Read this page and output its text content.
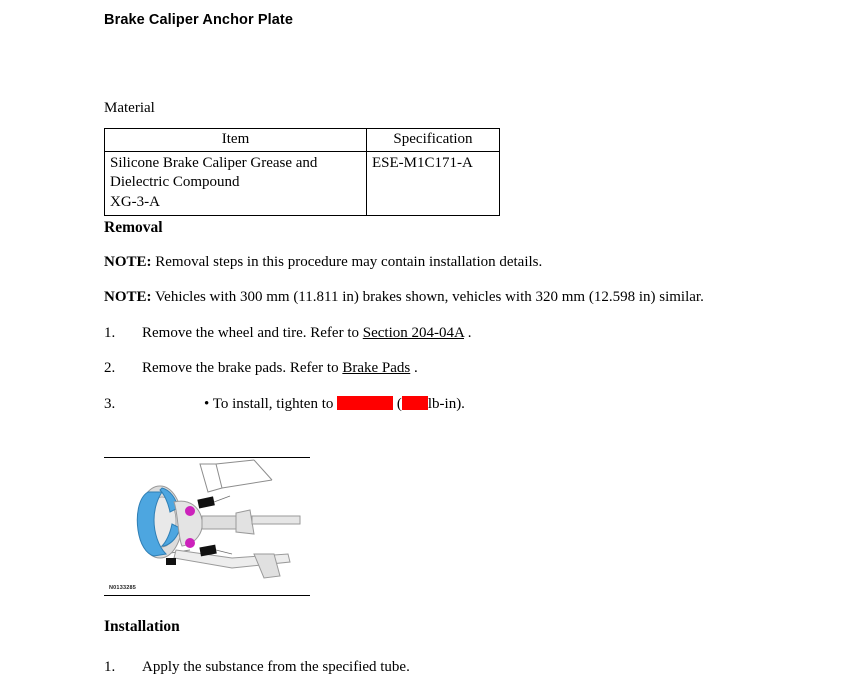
Brake Caliper Anchor Plate
Material
Item	Specification

Silicone Brake Caliper Grease and
Dielectric Compound
XG-3-A	ESE-M1C171-A
Removal

NOTE: Removal steps in this procedure may contain installation details.

NOTE: Vehicles with 300 mm (11.811 in) brakes shown, vehicles with 320 mm (12.598 in) similar.

1.	Remove the wheel and tire. Refer to Section 204-04A .
2.	Remove the brake pads. Refer to Brake Pads .
3.	• To install, tighten to	( lb-in).
N0133285
Installation
1. Apply the substance from the specified tube.
